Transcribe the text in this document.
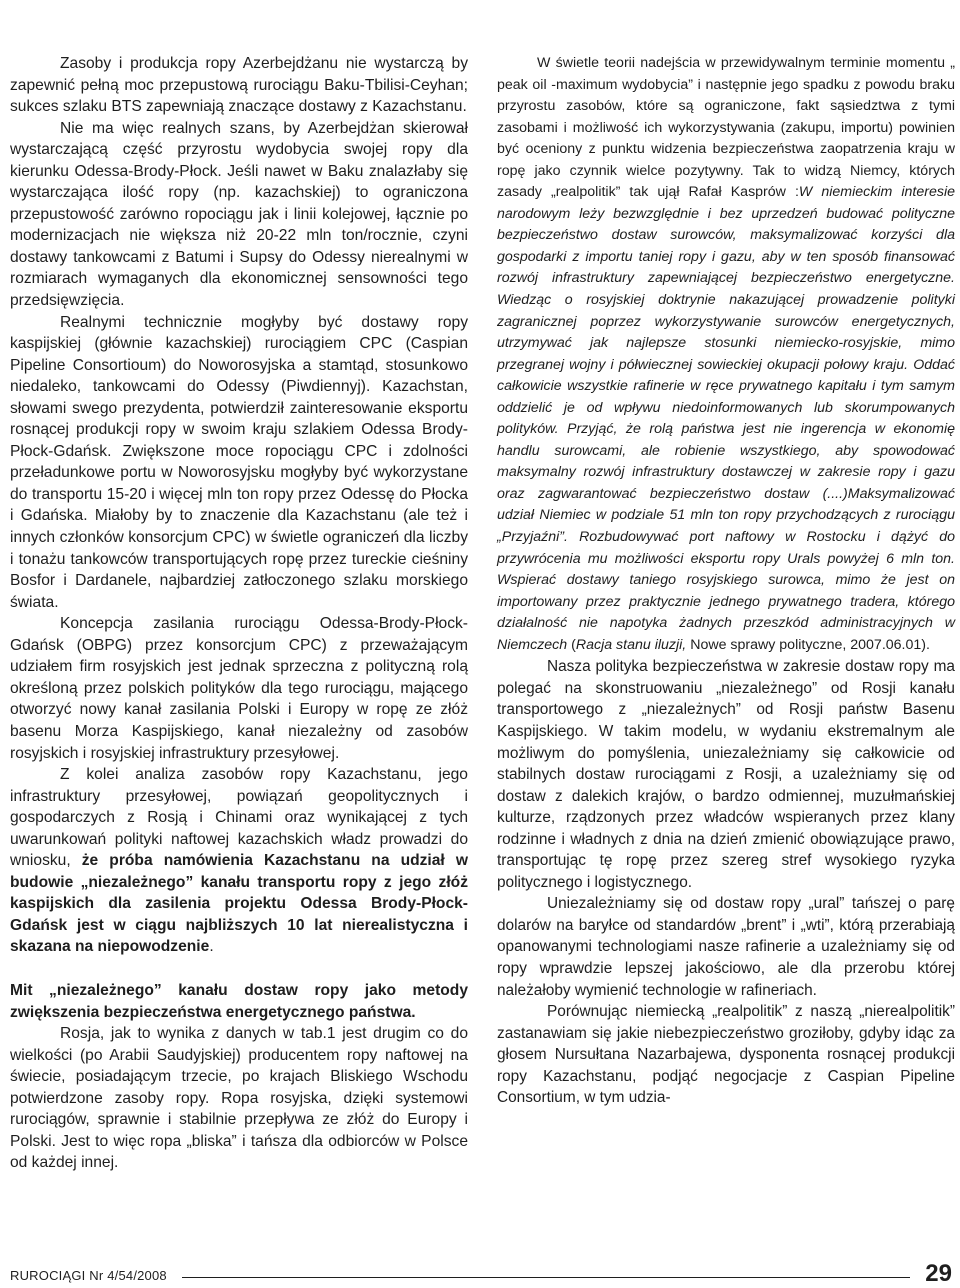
Zasoby i produkcja ropy Azerbejdżanu nie wystarczą by zapewnić pełną moc przepustową rurociągu Baku-Tbilisi-Ceyhan; sukces szlaku BTS zapewniają znaczące dostawy z Kazachstanu.

Nie ma więc realnych szans, by Azerbejdżan skierował wystarczającą część przyrostu wydobycia swojej ropy dla kierunku Odessa-Brody-Płock. Jeśli nawet w Baku znalazłaby się wystarczająca ilość ropy (np. kazachskiej) to ograniczona przepustowość zarówno ropociągu jak i linii kolejowej, łącznie po modernizacjach nie większa niż 20-22 mln ton/rocznie, czyni dostawy tankowcami z Batumi i Supsy do Odessy nierealnymi w rozmiarach wymaganych dla ekonomicznej sensowności tego przedsięwzięcia.

Realnymi technicznie mogłyby być dostawy ropy kaspijskiej (głównie kazachskiej) rurociągiem CPC (Caspian Pipeline Consortioum) do Noworosyjska a stamtąd, stosunkowo niedaleko, tankowcami do Odessy (Piwdiennyj). Kazachstan, słowami swego prezydenta, potwierdził zainteresowanie eksportu rosnącej produkcji ropy w swoim kraju szlakiem Odessa Brody-Płock-Gdańsk. Zwiększone moce ropociągu CPC i zdolności przeładunkowe portu w Noworosyjsku mogłyby być wykorzystane do transportu 15-20 i więcej mln ton ropy przez Odessę do Płocka i Gdańska. Miałoby by to znaczenie dla Kazachstanu (ale też i innych członków konsorcjum CPC) w świetle ograniczeń dla liczby i tonażu tankowców transportujących ropę przez tureckie cieśniny Bosfor i Dardanele, najbardziej zatłoczonego szlaku morskiego świata.

Koncepcja zasilania rurociągu Odessa-Brody-Płock-Gdańsk (OBPG) przez konsorcjum CPC) z przeważającym udziałem firm rosyjskich jest jednak sprzeczna z polityczną rolą określoną przez polskich polityków dla tego rurociągu, mającego otworzyć nowy kanał zasilania Polski i Europy w ropę ze złóż basenu Morza Kaspijskiego, kanał niezależny od zasobów rosyjskich i rosyjskiej infrastruktury przesyłowej.

Z kolei analiza zasobów ropy Kazachstanu, jego infrastruktury przesyłowej, powiązań geopolitycznych i gospodarczych z Rosją i Chinami oraz wynikającej z tych uwarunkowań polityki naftowej kazachskich władz prowadzi do wniosku, że próba namówienia Kazachstanu na udział w budowie „niezależnego” kanału transportu ropy z jego złóż kaspijskich dla zasilenia projektu Odessa Brody-Płock-Gdańsk jest w ciągu najbliższych 10 lat nierealistyczna i skazana na niepowodzenie.

Mit „niezależnego” kanału dostaw ropy jako metody zwiększenia bezpieczeństwa energetycznego państwa.

Rosja, jak to wynika z danych w tab.1 jest drugim co do wielkości (po Arabii Saudyjskiej) producentem ropy naftowej na świecie, posiadającym trzecie, po krajach Bliskiego Wschodu potwierdzone zasoby ropy. Ropa rosyjska, dzięki systemowi rurociągów, sprawnie i stabilnie przepływa ze złóż do Europy i Polski. Jest to więc ropa „bliska” i tańsza dla odbiorców w Polsce od każdej innej.

W świetle teorii nadejścia w przewidywalnym terminie momentu „ peak oil -maximum wydobycia” i następnie jego spadku z powodu braku przyrostu zasobów, które są ograniczone, fakt sąsiedztwa z tymi zasobami i możliwość ich wykorzystywania (zakupu, importu) powinien być oceniony z punktu widzenia bezpieczeństwa zaopatrzenia kraju w ropę jako czynnik wielce pozytywny. Tak to widzą Niemcy, których zasady „realpolitik” tak ujął Rafał Kasprów :W niemieckim interesie narodowym leży bezwzględnie i bez uprzedzeń budować polityczne bezpieczeństwo dostaw surowców, maksymalizować korzyści dla gospodarki z importu taniej ropy i gazu, aby w ten sposób finansować rozwój infrastruktury zapewniającej bezpieczeństwo energetyczne. Wiedząc o rosyjskiej doktrynie nakazującej prowadzenie polityki zagranicznej poprzez wykorzystywanie surowców energetycznych, utrzymywać jak najlepsze stosunki niemiecko-rosyjskie, mimo przegranej wojny i półwiecznej sowieckiej okupacji połowy kraju. Oddać całkowicie wszystkie rafinerie w ręce prywatnego kapitału i tym samym oddzielić je od wpływu niedoinformowanych lub skorumpowanych polityków. Przyjąć, że rolą państwa jest nie ingerencja w ekonomię handlu surowcami, ale robienie wszystkiego, aby spowodować maksymalny rozwój infrastruktury dostawczej w zakresie ropy i gazu oraz zagwarantować bezpieczeństwo dostaw (....)Maksymalizować udział Niemiec w podziale 51 mln ton ropy przychodzących z rurociągu „Przyjaźni”. Rozbudowywać port naftowy w Rostocku i dążyć do przywrócenia mu możliwości eksportu ropy Urals powyżej 6 mln ton. Wspierać dostawy taniego rosyjskiego surowca, mimo że jest on importowany przez praktycznie jednego prywatnego tradera, którego działalność nie napotyka żadnych przeszkód administracyjnych w Niemczech (Racja stanu iluzji, Nowe sprawy polityczne, 2007.06.01).

Nasza polityka bezpieczeństwa w zakresie dostaw ropy ma polegać na skonstruowaniu „niezależnego” od Rosji kanału transportowego z „niezależnych” od Rosji państw Basenu Kaspijskiego. W takim modelu, w wydaniu ekstremalnym ale możliwym do pomyślenia, uniezależniamy się całkowicie od stabilnych dostaw rurociągami z Rosji, a uzależniamy się od dostaw z dalekich krajów, o bardzo odmiennej, muzułmańskiej kulturze, rządzonych przez władców wspieranych przez klany rodzinne i władnych z dnia na dzień zmienić obowiązujące prawo, transportując tę ropę przez szereg stref wysokiego ryzyka politycznego i logistycznego.

Uniezależniamy się od dostaw ropy „ural” tańszej o parę dolarów na baryłce od standardów „brent” i „wti”, którą przerabiają opanowanymi technologiami nasze rafinerie a uzależniamy się od ropy wprawdzie lepszej jakościowo, ale dla przerobu której należałoby wymienić technologie w rafineriach.

Porównując niemiecką „realpolitik” z naszą „nierealpolitik” zastanawiam się jakie niebezpieczeństwo groziłoby, gdyby idąc za głosem Nursułtana Nazarbajewa, dysponenta rosnącej produkcji ropy Kazachstanu, podjąć negocjacje z Caspian Pipeline Consortium, w tym udzia-

RUROCIĄGI Nr 4/54/2008	29
